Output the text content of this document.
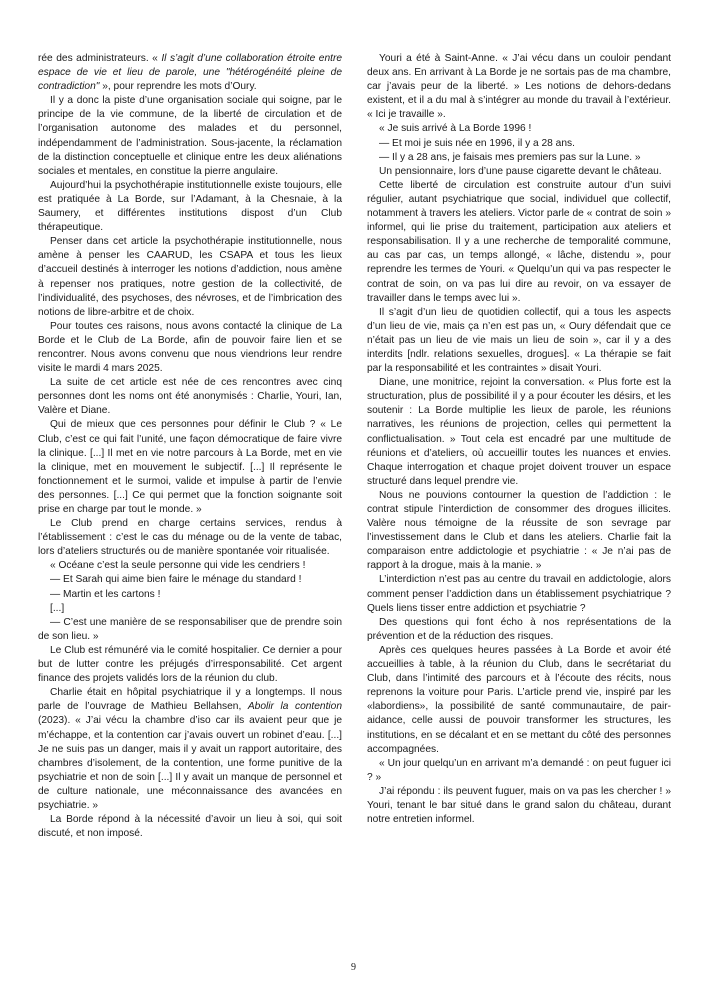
rée des administrateurs. « Il s’agit d’une collaboration étroite entre espace de vie et lieu de parole, une "hétérogénéité pleine de contradiction" », pour reprendre les mots d’Oury.

Il y a donc la piste d’une organisation sociale qui soigne, par le principe de la vie commune, de la liberté de circulation et de l’organisation autonome des malades et du personnel, indépendamment de l’administration. Sous-jacente, la réclamation de la distinction conceptuelle et clinique entre les deux aliénations sociales et mentales, en constitue la pierre angulaire.

Aujourd’hui la psychothérapie institutionnelle existe toujours, elle est pratiquée à La Borde, sur l’Adamant, à la Chesnaie, à la Saumery, et différentes institutions dispost d’un Club thérapeutique.

Penser dans cet article la psychothérapie institutionnelle, nous amène à penser les CAARUD, les CSAPA et tous les lieux d’accueil destinés à interroger les notions d’addiction, nous amène à repenser nos pratiques, notre gestion de la collectivité, de l’individualité, des psychoses, des névroses, et de l’imbrication des notions de libre-arbitre et de choix.

Pour toutes ces raisons, nous avons contacté la clinique de La Borde et le Club de La Borde, afin de pouvoir faire lien et se rencontrer. Nous avons convenu que nous viendrions leur rendre visite le mardi 4 mars 2025.

La suite de cet article est née de ces rencontres avec cinq personnes dont les noms ont été anonymisés : Charlie, Youri, Ian, Valère et Diane.

Qui de mieux que ces personnes pour définir le Club ? « Le Club, c’est ce qui fait l’unité, une façon démocratique de faire vivre la clinique. [...] Il met en vie notre parcours à La Borde, met en vie la clinique, met en mouvement le subjectif. [...] Il représente le fonctionnement et le surmoi, valide et impulse à partir de l’envie des personnes. [...] Ce qui permet que la fonction soignante soit prise en charge par tout le monde. »

Le Club prend en charge certains services, rendus à l’établissement : c’est le cas du ménage ou de la vente de tabac, lors d’ateliers structurés ou de manière spontanée voir ritualisée.

« Océane c’est la seule personne qui vide les cendriers !

— Et Sarah qui aime bien faire le ménage du standard !

— Martin et les cartons !

[...]

— C’est une manière de se responsabiliser que de prendre soin de son lieu. »

Le Club est rémunéré via le comité hospitalier. Ce dernier a pour but de lutter contre les préjugés d’irresponsabilité. Cet argent finance des projets validés lors de la réunion du club.

Charlie était en hôpital psychiatrique il y a longtemps. Il nous parle de l’ouvrage de Mathieu Bellahsen, Abolir la contention (2023). « J’ai vécu la chambre d’iso car ils avaient peur que je m’échappe, et la contention car j’avais ouvert un robinet d’eau. [...] Je ne suis pas un danger, mais il y avait un rapport autoritaire, des chambres d’isolement, de la contention, une forme punitive de la psychiatrie et non de soin [...] Il y avait un manque de personnel et de culture nationale, une méconnaissance des avancées en psychiatrie. »

La Borde répond à la nécessité d’avoir un lieu à soi, qui soit discuté, et non imposé.

Youri a été à Saint-Anne. « J’ai vécu dans un couloir pendant deux ans. En arrivant à La Borde je ne sortais pas de ma chambre, car j’avais peur de la liberté. » Les notions de dehors-dedans existent, et il a du mal à s’intégrer au monde du travail à l’extérieur. « Ici je travaille ».

« Je suis arrivé à La Borde 1996 !

— Et moi je suis née en 1996, il y a 28 ans.

— Il y a 28 ans, je faisais mes premiers pas sur la Lune. »

Un pensionnaire, lors d’une pause cigarette devant le château.

Cette liberté de circulation est construite autour d’un suivi régulier, autant psychiatrique que social, individuel que collectif, notamment à travers les ateliers. Victor parle de « contrat de soin » informel, qui lie prise du traitement, participation aux ateliers et responsabilisation. Il y a une recherche de temporalité commune, au cas par cas, un temps allongé, « lâche, distendu », pour reprendre les termes de Youri. « Quelqu’un qui va pas respecter le contrat de soin, on va pas lui dire au revoir, on va essayer de travailler dans le temps avec lui ».

Il s’agit d’un lieu de quotidien collectif, qui a tous les aspects d’un lieu de vie, mais ça n’en est pas un, « Oury défendait que ce n’était pas un lieu de vie mais un lieu de soin », car il y a des interdits [ndlr. relations sexuelles, drogues]. « La thérapie se fait par la responsabilité et les contraintes » disait Youri.

Diane, une monitrice, rejoint la conversation. « Plus forte est la structuration, plus de possibilité il y a pour écouter les désirs, et les soutenir : La Borde multiplie les lieux de parole, les réunions narratives, les réunions de projection, celles qui permettent la conflictualisation. » Tout cela est encadré par une multitude de réunions et d’ateliers, où accueillir toutes les nuances et envies. Chaque interrogation et chaque projet doivent trouver un espace structuré dans lequel prendre vie.

Nous ne pouvions contourner la question de l’addiction : le contrat stipule l’interdiction de consommer des drogues illicites. Valère nous témoigne de la réussite de son sevrage par l’investissement dans le Club et dans les ateliers. Charlie fait la comparaison entre addictologie et psychiatrie : « Je n’ai pas de rapport à la drogue, mais à la manie. »

L’interdiction n’est pas au centre du travail en addictologie, alors comment penser l’addiction dans un établissement psychiatrique ? Quels liens tisser entre addiction et psychiatrie ?

Des questions qui font écho à nos représentations de la prévention et de la réduction des risques.

Après ces quelques heures passées à La Borde et avoir été accueillies à table, à la réunion du Club, dans le secrétariat du Club, dans l’intimité des parcours et à l’écoute des récits, nous reprenons la voiture pour Paris. L’article prend vie, inspiré par les «labordiens», la possibilité de santé communautaire, de pair-aidance, celle aussi de pouvoir transformer les structures, les institutions, en se décalant et en se mettant du côté des personnes accompagnées.

« Un jour quelqu’un en arrivant m’a demandé : on peut fuguer ici ? »

J’ai répondu : ils peuvent fuguer, mais on va pas les chercher ! » Youri, tenant le bar situé dans le grand salon du château, durant notre entretien informel.

9
